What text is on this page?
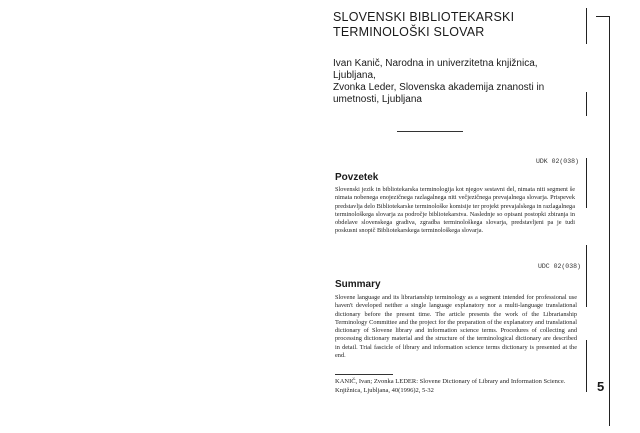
SLOVENSKI BIBLIOTEKARSKI
TERMINOLOŠKI SLOVAR
Ivan Kanič, Narodna in univerzitetna knjižnica,
Ljubljana,
Zvonka Leder, Slovenska akademija znanosti in
umetnosti, Ljubljana
UDK 02(038)
Povzetek
Slovenski jezik in bibliotekarska terminologija kot njegov sestavni del, nimata niti segment še nimata nobenega enojezičnega razlagalnega niti večjezičnega prevajalnega slovarja. Prispevek predstavlja delo Bibliotekarske terminološke komisije ter projekt prevajalskega in razlagalnega terminološkega slovarja za področje bibliotekarstva. Naslednje so opisani postopki zbiranja in obdelave slovenskega gradiva, zgradba terminološkega slovarja, predstavljeni pa je tudi poskusni snopič Bibliotekarskega terminološkega slovarja.
UDC 02(038)
Summary
Slovene language and its librarianship terminology as a segment intended for professional use haven't developed neither a single language explanatory nor a multi-language translational dictionary before the present time. The article presents the work of the Librarianship Terminology Committee and the project for the preparation of the explanatory and translational dictionary of Slovene library and information science terms. Procedures of collecting and processing dictionary material and the structure of the terminological dictionary are described in detail. Trial fascicle of library and information science terms dictionary is presented at the end.
KANIČ, Ivan; Zvonka LEDER: Slovene Dictionary of Library and Information Science. Knjižnica, Ljubljana, 40(1996)2, 5-32	5
